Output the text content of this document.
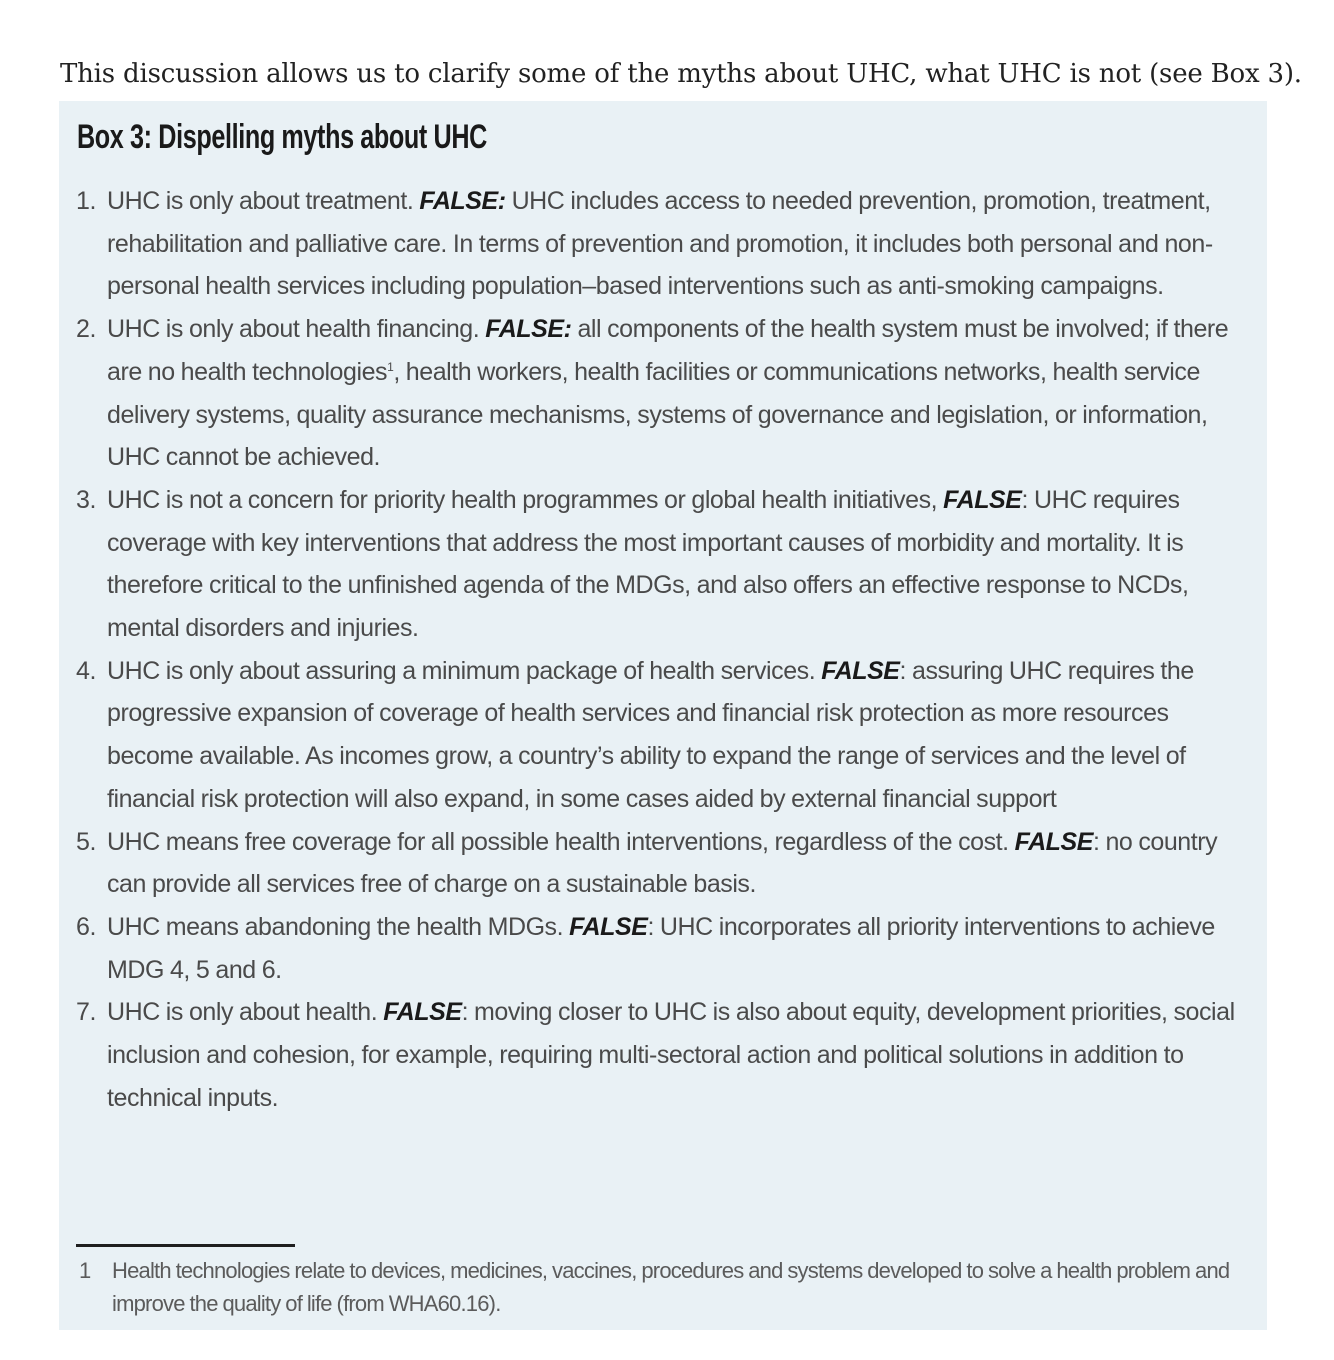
This discussion allows us to clarify some of the myths about UHC, what UHC is not (see Box 3).

Box 3: Dispelling myths about UHC
1. UHC is only about treatment. FALSE: UHC includes access to needed prevention, promotion, treatment, rehabilitation and palliative care. In terms of prevention and promotion, it includes both personal and non-personal health services including population–based interventions such as anti-smoking campaigns.
2. UHC is only about health financing. FALSE: all components of the health system must be involved; if there are no health technologies$^1$, health workers, health facilities or communications networks, health service delivery systems, quality assurance mechanisms, systems of governance and legislation, or information, UHC cannot be achieved.
3. UHC is not a concern for priority health programmes or global health initiatives, FALSE: UHC requires coverage with key interventions that address the most important causes of morbidity and mortality. It is therefore critical to the unfinished agenda of the MDGs, and also offers an effective response to NCDs, mental disorders and injuries.
4. UHC is only about assuring a minimum package of health services. FALSE: assuring UHC requires the progressive expansion of coverage of health services and financial risk protection as more resources become available. As incomes grow, a country’s ability to expand the range of services and the level of financial risk protection will also expand, in some cases aided by external financial support
5. UHC means free coverage for all possible health interventions, regardless of the cost. FALSE: no country can provide all services free of charge on a sustainable basis.
6. UHC means abandoning the health MDGs. FALSE: UHC incorporates all priority interventions to achieve MDG 4, 5 and 6.
7. UHC is only about health. FALSE: moving closer to UHC is also about equity, development priorities, social inclusion and cohesion, for example, requiring multi-sectoral action and political solutions in addition to technical inputs.
1 Health technologies relate to devices, medicines, vaccines, procedures and systems developed to solve a health problem and improve the quality of life (from WHA60.16).
